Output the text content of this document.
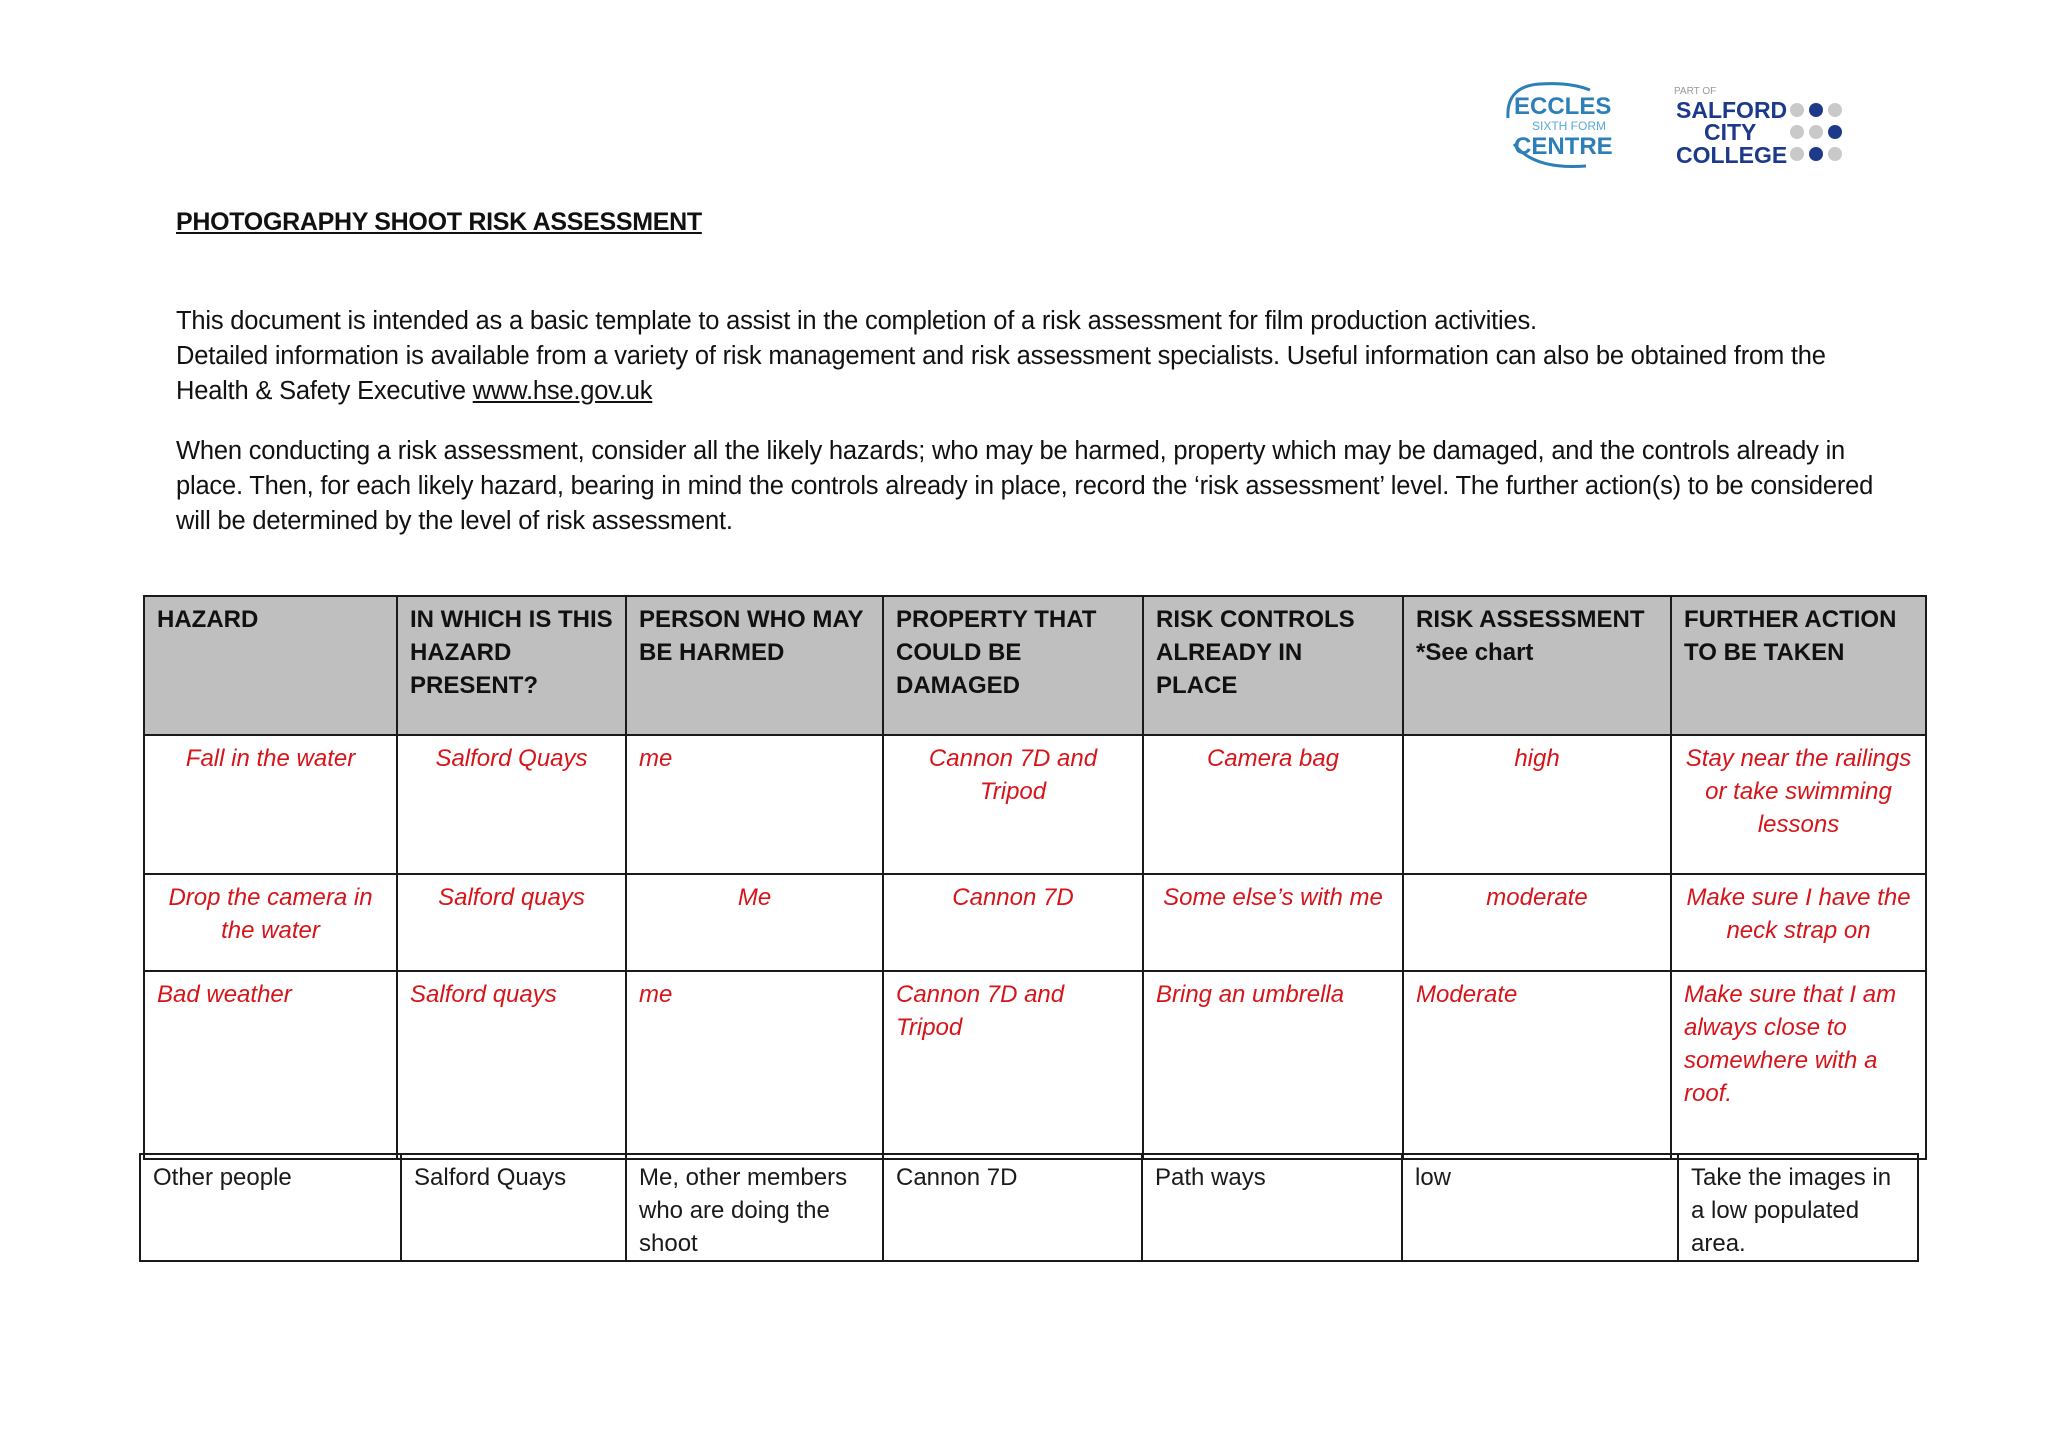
ECCLES
SIXTH FORM
CENTRE
PART OF
SALFORD
CITY
COLLEGE
PHOTOGRAPHY SHOOT RISK ASSESSMENT
This document is intended as a basic template to assist in the completion of a risk assessment for film production activities.
Detailed information is available from a variety of risk management and risk assessment specialists. Useful information can also be obtained from the Health & Safety Executive www.hse.gov.uk
When conducting a risk assessment, consider all the likely hazards; who may be harmed, property which may be damaged, and the controls already in place. Then, for each likely hazard, bearing in mind the controls already in place, record the ‘risk assessment’ level. The further action(s) to be considered will be determined by the level of risk assessment.
HAZARD	IN WHICH IS THIS HAZARD PRESENT?	PERSON WHO MAY BE HARMED	PROPERTY THAT COULD BE DAMAGED	RISK CONTROLS ALREADY IN PLACE	RISK ASSESSMENT *See chart	FURTHER ACTION TO BE TAKEN
Fall in the water	Salford Quays	me	Cannon 7D and Tripod	Camera bag	high	Stay near the railings or take swimming lessons
Drop the camera in the water	Salford quays	Me	Cannon 7D	Some else’s with me	moderate	Make sure I have the neck strap on
Bad weather	Salford quays	me	Cannon 7D and Tripod	Bring an umbrella	Moderate	Make sure that I am always close to somewhere with a roof.
Other people	Salford Quays	Me, other members who are doing the shoot	Cannon 7D	Path ways	low	Take the images in a low populated area.
